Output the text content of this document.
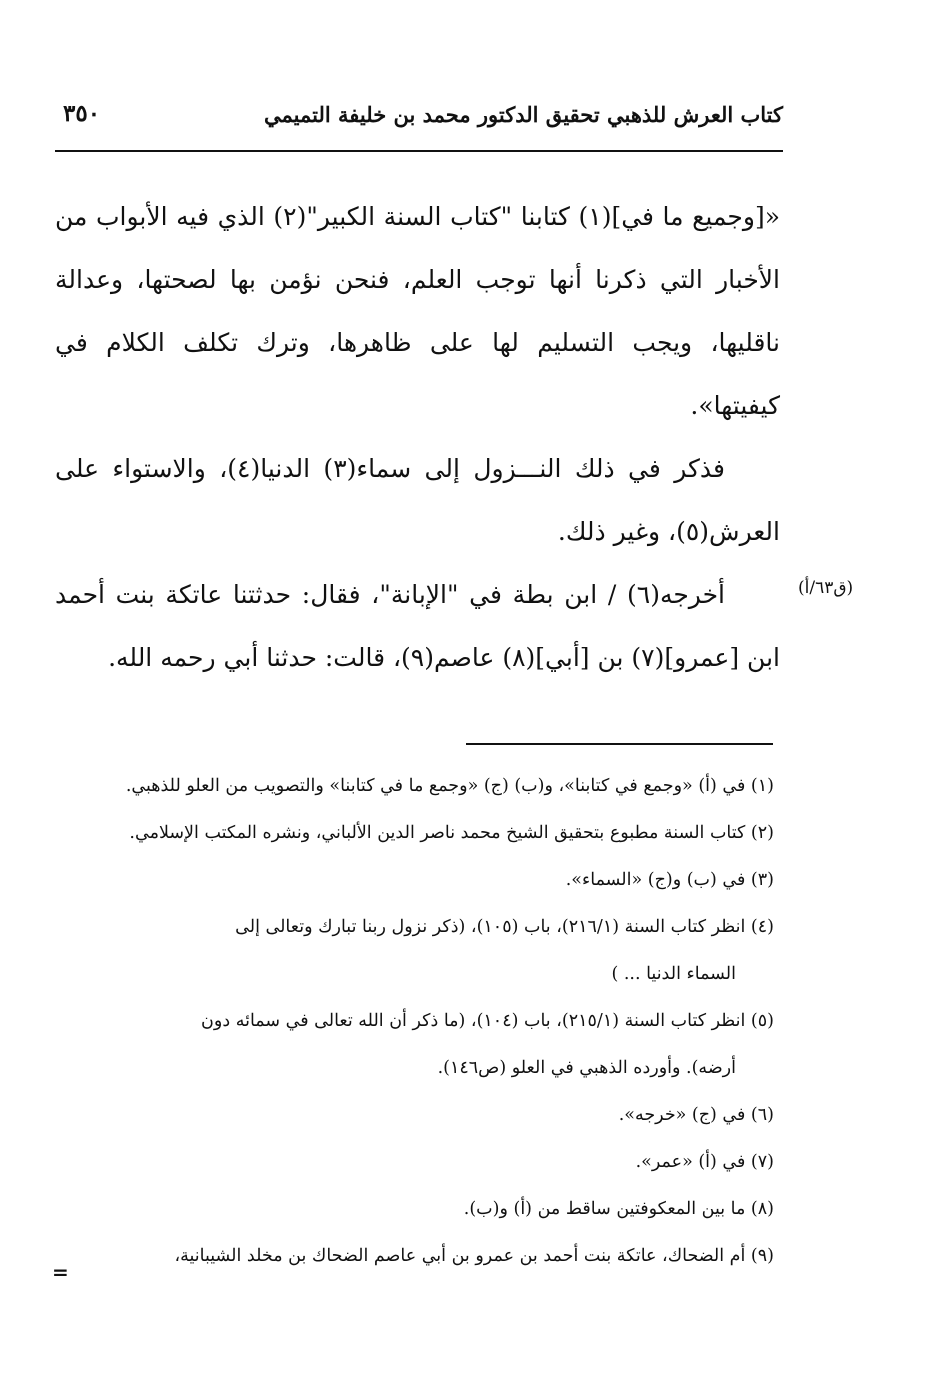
كتاب العرش للذهبي تحقيق الدكتور محمد بن خليفة التميمي
٣٥٠

«[وجميع ما في](١) كتابنا "كتاب السنة الكبير"(٢) الذي فيه الأبواب من الأخبار التي ذكرنا أنها توجب العلم، فنحن نؤمن بها لصحتها، وعدالة ناقليها، ويجب التسليم لها على ظاهرها، وترك تكلف الكلام في كيفيتها».

فذكر في ذلك النـــزول إلى سماء(٣) الدنيا(٤)، والاستواء على العرش(٥)، وغير ذلك.

أخرجه(٦) / ابن بطة في "الإبانة"، فقال: حدثتنا عاتكة بنت أحمد ابن [عمرو](٧) بن [أبي](٨) عاصم(٩)، قالت: حدثنا أبي رحمه الله.

(ق٦٣/أ)

(١) في (أ) «وجمع في كتابنا»، و(ب) (ج) «وجمع ما في كتابنا» والتصويب من العلو للذهبي.

(٢) كتاب السنة مطبوع بتحقيق الشيخ محمد ناصر الدين الألباني، ونشره المكتب الإسلامي.

(٣) في (ب) و(ج) «السماء».

(٤) انظر كتاب السنة (٢١٦/١)، باب (١٠٥)، (ذكر نزول ربنا تبارك وتعالى إلى

السماء الدنيا ... )

(٥) انظر كتاب السنة (٢١٥/١)، باب (١٠٤)، (ما ذكر أن الله تعالى في سمائه دون

أرضه). وأورده الذهبي في العلو (ص١٤٦).

(٦) في (ج) «خرجه».

(٧) في (أ) «عمر».

(٨) ما بين المعكوفتين ساقط من (أ) و(ب).

(٩) أم الضحاك، عاتكة بنت أحمد بن عمرو بن أبي عاصم الضحاك بن مخلد الشيبانية،

=
